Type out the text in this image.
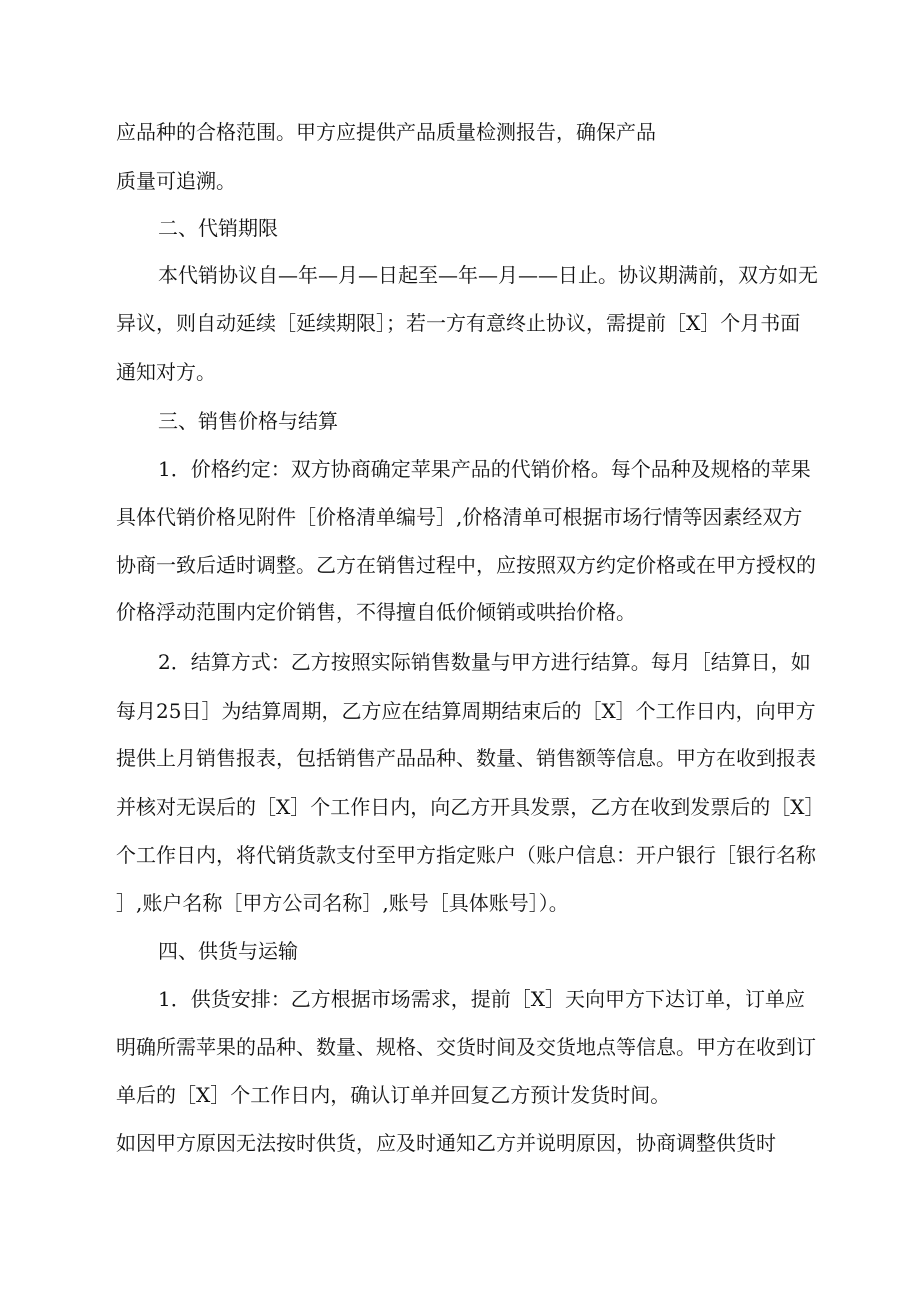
应品种的合格范围。甲方应提供产品质量检测报告，确保产品

质量可追溯。

二、代销期限

本代销协议自—年—月—日起至—年—月——日止。协议期满前，双方如无

异议，则自动延续［延续期限］；若一方有意终止协议，需提前［X］个月书面

通知对方。

三、销售价格与结算

1．价格约定：双方协商确定苹果产品的代销价格。每个品种及规格的苹果

具体代销价格见附件［价格清单编号］,价格清单可根据市场行情等因素经双方

协商一致后适时调整。乙方在销售过程中，应按照双方约定价格或在甲方授权的

价格浮动范围内定价销售，不得擅自低价倾销或哄抬价格。

2．结算方式：乙方按照实际销售数量与甲方进行结算。每月［结算日，如

每月25日］为结算周期，乙方应在结算周期结束后的［X］个工作日内，向甲方

提供上月销售报表，包括销售产品品种、数量、销售额等信息。甲方在收到报表

并核对无误后的［X］个工作日内，向乙方开具发票，乙方在收到发票后的［X］

个工作日内，将代销货款支付至甲方指定账户（账户信息：开户银行［银行名称

］,账户名称［甲方公司名称］,账号［具体账号］）。

四、供货与运输

1．供货安排：乙方根据市场需求，提前［X］天向甲方下达订单，订单应

明确所需苹果的品种、数量、规格、交货时间及交货地点等信息。甲方在收到订

单后的［X］个工作日内，确认订单并回复乙方预计发货时间。

如因甲方原因无法按时供货，应及时通知乙方并说明原因，协商调整供货时
